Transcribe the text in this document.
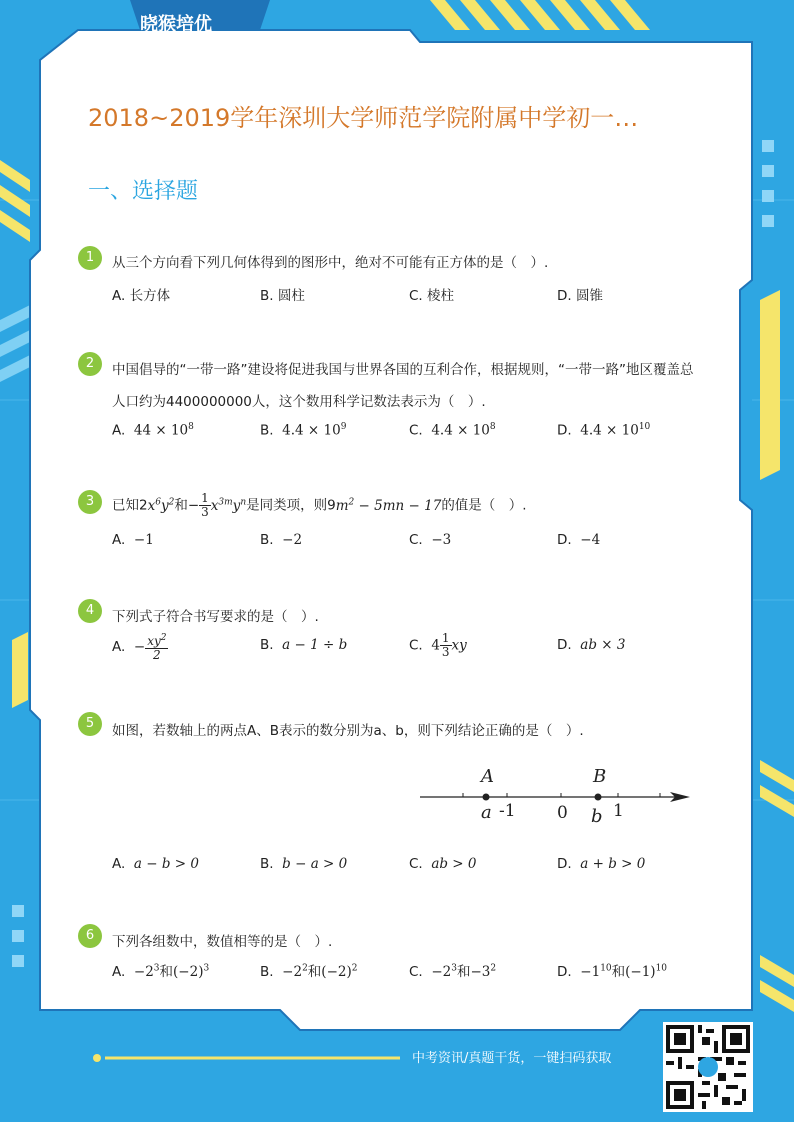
晓猴培优
中考资讯/真题干货，一键扫码获取
2018~2019学年深圳大学师范学院附属中学初一…
一、选择题
1	从三个方向看下列几何体得到的图形中，绝对不可能有正方体的是（　）.
A. 长方体	B. 圆柱	C. 棱柱	D. 圆锥
2	中国倡导的“一带一路”建设将促进我国与世界各国的互利合作，根据规则，“一带一路”地区覆盖总
人口约为4400000000人，这个数用科学记数法表示为（　）.
A. $44 \times 10^8$	B. $4.4 \times 10^9$	C. $4.4 \times 10^8$	D. $4.4 \times 10^{10}$
3	已知$2x^6y^2$和− $\frac{1}{3} x^{3m}y^n$是同类项，则$9m^2 - 5mn - 17$的值是（　）.
A. −1	B. −2	C. −3	D. −4
4	下列式子符合书写要求的是（　）.
A. − $\frac{xy^2}{2}$	B. a − 1 ÷ b	C. $4 \frac{1}{3}$ xy	D. ab × 3
5	如图，若数轴上的两点A、B表示的数分别为a、b，则下列结论正确的是（　）.
A	B
a -1 0 b 1
A. a − b > 0	B. b − a > 0	C. ab > 0	D. a + b > 0
6	下列各组数中，数值相等的是（　）.
A. $-2^3$和$(-2)^3$	B. $-2^2$和$(-2)^2$	C. $-2^3$和$-3^2$	D. $-1^{10}$和$(-1)^{10}$
